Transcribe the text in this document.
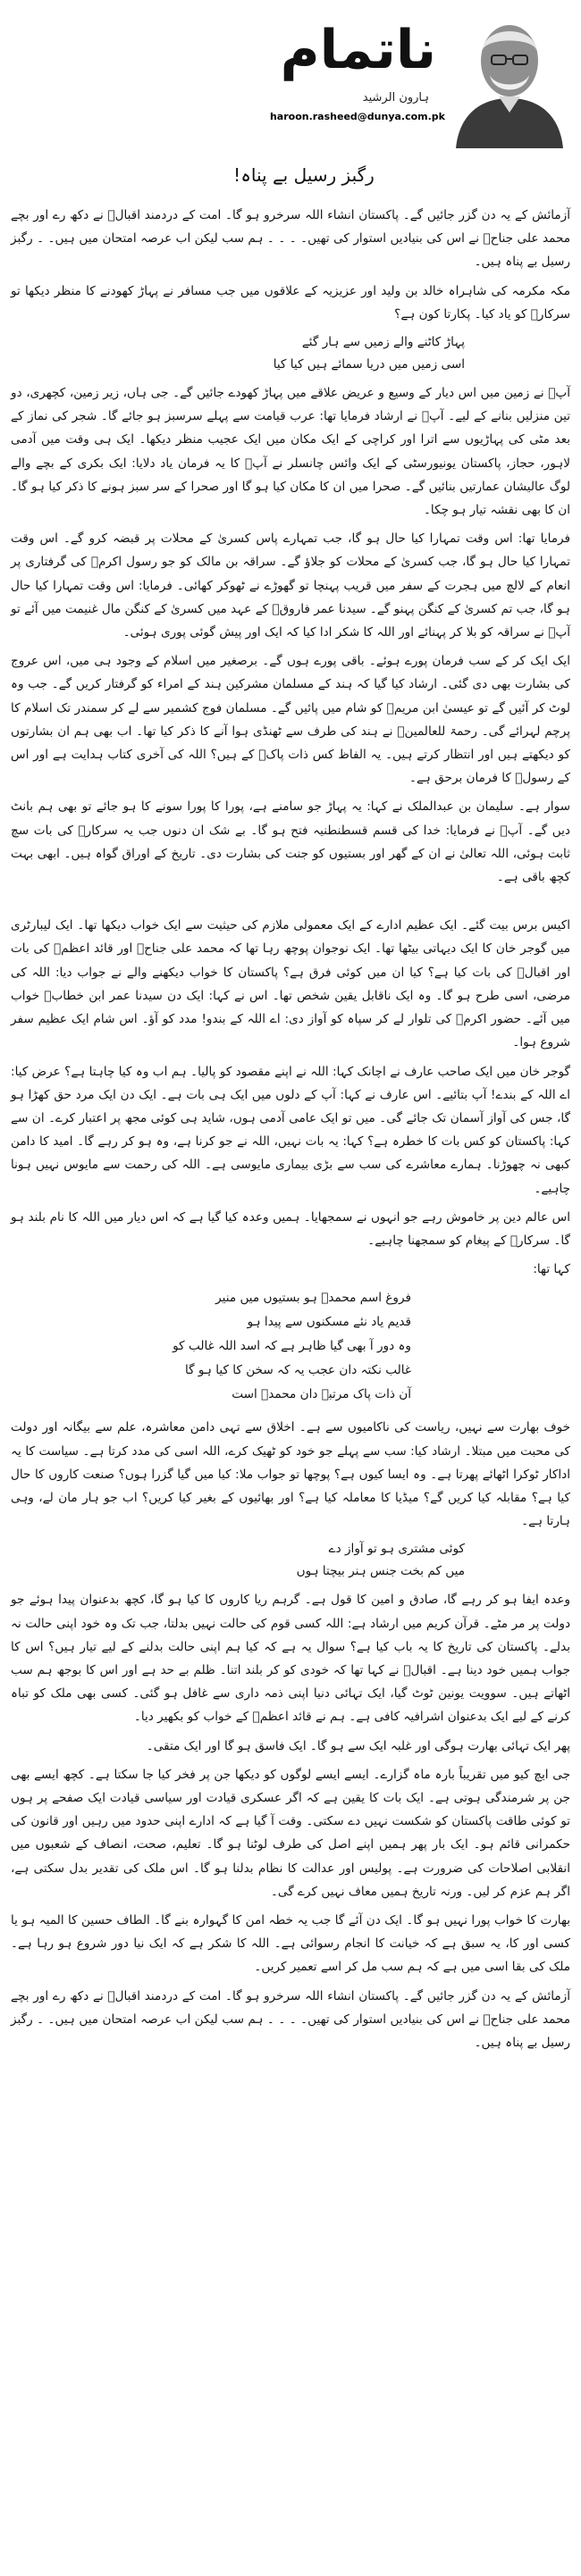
ناتمام
ہارون الرشید
haroon.rasheed@dunya.com.pk
رگبز رسیل بے پناہ!

آزمائش کے یہ دن گزر جائیں گے۔ پاکستان انشاء اللہ سرخرو ہو گا۔ امت کے دردمند اقبالؒ نے دکھ رے اور بچے محمد علی جناحؒ نے اس کی بنیادیں استوار کی تھیں۔ ۔ ۔ ۔ ہم سب لیکن اب عرصہ امتحان میں ہیں۔ ۔ رگبز رسیل بے پناہ ہیں۔

مکہ مکرمہ کی شاہراہ خالد بن ولید اور عزیزیہ کے علاقوں میں جب مسافر نے پہاڑ کھودنے کا منظر دیکھا تو سرکارؐ کو یاد کیا۔ پکارتا کون ہے؟

پہاڑ کاٹنے والے زمیں سے ہار گئے
اسی زمیں میں دریا سمائے ہیں کیا کیا

آپؐ نے زمین میں اس دیار کے وسیع و عریض علاقے میں پہاڑ کھودے جائیں گے۔ جی ہاں، زیر زمین، کچھری، دو تین منزلیں بنانے کے لیے۔ آپؐ نے ارشاد فرمایا تھا: عرب قیامت سے پہلے سرسبز ہو جائے گا۔ شجر کی نماز کے بعد مٹی کی پہاڑیوں سے اترا اور کراچی کے ایک مکان میں ایک عجیب منظر دیکھا۔ ایک ہی وقت میں آدمی لاہور، حجاز، پاکستان یونیورسٹی کے ایک وائس چانسلر نے آپؐ کا یہ فرمان یاد دلایا: ایک بکری کے بچے والے لوگ عالیشان عمارتیں بنائیں گے۔ صحرا میں ان کا مکان کیا ہو گا اور صحرا کے سر سبز ہونے کا ذکر کیا ہو گا۔ ان کا بھی نقشہ تیار ہو چکا۔

فرمایا تھا: اس وقت تمہارا کیا حال ہو گا، جب تمہارے پاس کسریٰ کے محلات پر قبضہ کرو گے۔ اس وقت تمہارا کیا حال ہو گا، جب کسریٰ کے محلات کو جلاؤ گے۔ سراقہ بن مالک کو جو رسول اکرمؐ کی گرفتاری پر انعام کے لالچ میں ہجرت کے سفر میں قریب پہنچا تو گھوڑے نے ٹھوکر کھائی۔ فرمایا: اس وقت تمہارا کیا حال ہو گا، جب تم کسریٰ کے کنگن پہنو گے۔ سیدنا عمر فاروقؓ کے عہد میں کسریٰ کے کنگن مال غنیمت میں آئے تو آپؓ نے سراقہ کو بلا کر پہنائے اور اللہ کا شکر ادا کیا کہ ایک اور پیش گوئی پوری ہوئی۔

ایک ایک کر کے سب فرمان پورے ہوئے۔ باقی پورے ہوں گے۔ برصغیر میں اسلام کے وجود ہی میں، اس عروج کی بشارت بھی دی گئی۔ ارشاد کیا گیا کہ ہند کے مسلمان مشرکین ہند کے امراء کو گرفتار کریں گے۔ جب وہ لوٹ کر آئیں گے تو عیسیٰ ابن مریمؑ کو شام میں پائیں گے۔ مسلمان فوج کشمیر سے لے کر سمندر تک اسلام کا پرچم لہرائے گی۔ رحمۃ للعالمینؐ نے ہند کی طرف سے ٹھنڈی ہوا آنے کا ذکر کیا تھا۔ اب بھی ہم ان بشارتوں کو دیکھتے ہیں اور انتظار کرتے ہیں۔ یہ الفاظ کس ذات پاکؐ کے ہیں؟ اللہ کی آخری کتاب ہدایت ہے اور اس کے رسولؐ کا فرمان برحق ہے۔

سوار ہے۔ سلیمان بن عبدالملک نے کہا: یہ پہاڑ جو سامنے ہے، پورا کا پورا سونے کا ہو جائے تو بھی ہم بانٹ دیں گے۔ آپؐ نے فرمایا: خدا کی قسم قسطنطنیہ فتح ہو گا۔ بے شک ان دنوں جب یہ سرکارؐ کی بات سچ ثابت ہوئی، اللہ تعالیٰ نے ان کے گھر اور بستیوں کو جنت کی بشارت دی۔ تاریخ کے اوراق گواہ ہیں۔ ابھی بہت کچھ باقی ہے۔

اکیس برس بیت گئے۔ ایک عظیم ادارے کے ایک معمولی ملازم کی حیثیت سے ایک خواب دیکھا تھا۔ ایک لیبارٹری میں گوجر خان کا ایک دیہاتی بیٹھا تھا۔ ایک نوجوان پوچھ رہا تھا کہ محمد علی جناحؒ اور قائد اعظمؒ کی بات اور اقبالؒ کی بات کیا ہے؟ کیا ان میں کوئی فرق ہے؟ پاکستان کا خواب دیکھنے والے نے جواب دیا: اللہ کی مرضی، اسی طرح ہو گا۔ وہ ایک ناقابل یقین شخص تھا۔ اس نے کہا: ایک دن سیدنا عمر ابن خطابؓ خواب میں آئے۔ حضور اکرمؐ کی تلوار لے کر سپاہ کو آواز دی: اے اللہ کے بندو! مدد کو آؤ۔ اس شام ایک عظیم سفر شروع ہوا۔

گوجر خان میں ایک صاحب عارف نے اچانک کہا: اللہ نے اپنے مقصود کو پالیا۔ ہم اب وہ کیا چاہتا ہے؟ عرض کیا: اے اللہ کے بندے! آپ بتائیے۔ اس عارف نے کہا: آپ کے دلوں میں ایک ہی بات ہے۔ ایک دن ایک مرد حق کھڑا ہو گا، جس کی آواز آسمان تک جائے گی۔ میں تو ایک عامی آدمی ہوں، شاید ہی کوئی مجھ پر اعتبار کرے۔ ان سے کہا: پاکستان کو کس بات کا خطرہ ہے؟ کہا: یہ بات نہیں، اللہ نے جو کرنا ہے، وہ ہو کر رہے گا۔ امید کا دامن کبھی نہ چھوڑنا۔ ہمارے معاشرے کی سب سے بڑی بیماری مایوسی ہے۔ اللہ کی رحمت سے مایوس نہیں ہونا چاہیے۔

اس عالم دین پر خاموش رہے جو انہوں نے سمجھایا۔ ہمیں وعدہ کیا گیا ہے کہ اس دیار میں اللہ کا نام بلند ہو گا۔ سرکارؐ کے پیغام کو سمجھنا چاہیے۔

کہا تھا:

فروغ اسم محمدؐ ہو بستیوں میں منیر
قدیم یاد نئے مسکنوں سے پیدا ہو
وہ دور آ بھی گیا ظاہر ہے کہ اسد اللہ غالب کو
غالب نکتہ دان عجب یہ کہ سخن کا کیا ہو گا
آن ذات پاک مرتبہ دان محمدؐ است

خوف بھارت سے نہیں، ریاست کی ناکامیوں سے ہے۔ اخلاق سے تہی دامن معاشرہ، علم سے بیگانہ اور دولت کی محبت میں مبتلا۔ ارشاد کیا: سب سے پہلے جو خود کو ٹھیک کرے، اللہ اسی کی مدد کرتا ہے۔ سیاست کا یہ اداکار ٹوکرا اٹھائے پھرتا ہے۔ وہ ایسا کیوں ہے؟ پوچھا تو جواب ملا: کیا میں گیا گزرا ہوں؟ صنعت کاروں کا حال کیا ہے؟ مقابلہ کیا کریں گے؟ میڈیا کا معاملہ کیا ہے؟ اور بھائیوں کے بغیر کیا کریں؟ اب جو ہار مان لے، وہی ہارتا ہے۔

کوئی مشتری ہو تو آواز دے
میں کم بخت جنس ہنر بیچتا ہوں

وعدہ ایفا ہو کر رہے گا، صادق و امین کا قول ہے۔ گرہم ریا کاروں کا کیا ہو گا، کچھ بدعنوان پیدا ہوئے جو دولت پر مر مٹے۔ قرآن کریم میں ارشاد ہے: اللہ کسی قوم کی حالت نہیں بدلتا، جب تک وہ خود اپنی حالت نہ بدلے۔ پاکستان کی تاریخ کا یہ باب کیا ہے؟ سوال یہ ہے کہ کیا ہم اپنی حالت بدلنے کے لیے تیار ہیں؟ اس کا جواب ہمیں خود دینا ہے۔ اقبالؒ نے کہا تھا کہ خودی کو کر بلند اتنا۔ ظلم بے حد ہے اور اس کا بوجھ ہم سب اٹھاتے ہیں۔ سوویت یونین ٹوٹ گیا، ایک تہائی دنیا اپنی ذمہ داری سے غافل ہو گئی۔ کسی بھی ملک کو تباہ کرنے کے لیے ایک بدعنوان اشرافیہ کافی ہے۔ ہم نے قائد اعظمؒ کے خواب کو بکھیر دیا۔

پھر ایک تہائی بھارت ہوگی اور غلبہ ایک سے ہو گا۔ ایک فاسق ہو گا اور ایک متقی۔

جی ایچ کیو میں تقریباً بارہ ماہ گزارے۔ ایسے ایسے لوگوں کو دیکھا جن پر فخر کیا جا سکتا ہے۔ کچھ ایسے بھی جن پر شرمندگی ہوتی ہے۔ ایک بات کا یقین ہے کہ اگر عسکری قیادت اور سیاسی قیادت ایک صفحے پر ہوں تو کوئی طاقت پاکستان کو شکست نہیں دے سکتی۔ وقت آ گیا ہے کہ ادارے اپنی حدود میں رہیں اور قانون کی حکمرانی قائم ہو۔ ایک بار پھر ہمیں اپنے اصل کی طرف لوٹنا ہو گا۔ تعلیم، صحت، انصاف کے شعبوں میں انقلابی اصلاحات کی ضرورت ہے۔ پولیس اور عدالت کا نظام بدلنا ہو گا۔ اس ملک کی تقدیر بدل سکتی ہے، اگر ہم عزم کر لیں۔ ورنہ تاریخ ہمیں معاف نہیں کرے گی۔

بھارت کا خواب پورا نہیں ہو گا۔ ایک دن آئے گا جب یہ خطہ امن کا گہوارہ بنے گا۔ الطاف حسین کا المیہ ہو یا کسی اور کا، یہ سبق ہے کہ خیانت کا انجام رسوائی ہے۔ اللہ کا شکر ہے کہ ایک نیا دور شروع ہو رہا ہے۔ ملک کی بقا اسی میں ہے کہ ہم سب مل کر اسے تعمیر کریں۔

آزمائش کے یہ دن گزر جائیں گے۔ پاکستان انشاء اللہ سرخرو ہو گا۔ امت کے دردمند اقبالؒ نے دکھ رے اور بچے محمد علی جناحؒ نے اس کی بنیادیں استوار کی تھیں۔ ۔ ۔ ۔ ہم سب لیکن اب عرصہ امتحان میں ہیں۔ ۔ رگبز رسیل بے پناہ ہیں۔
